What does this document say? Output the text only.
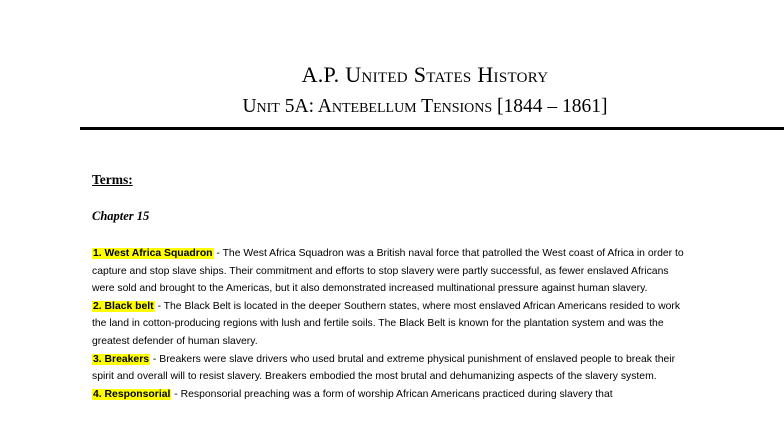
A.P. United States History
Unit 5A: Antebellum Tensions [1844 – 1861]
Terms:
Chapter 15

1. West Africa Squadron - The West Africa Squadron was a British naval force that patrolled the West coast of Africa in order to capture and stop slave ships. Their commitment and efforts to stop slavery were partly successful, as fewer enslaved Africans were sold and brought to the Americas, but it also demonstrated increased multinational pressure against human slavery.

2. Black belt - The Black Belt is located in the deeper Southern states, where most enslaved African Americans resided to work the land in cotton-producing regions with lush and fertile soils. The Black Belt is known for the plantation system and was the greatest defender of human slavery.

3. Breakers - Breakers were slave drivers who used brutal and extreme physical punishment of enslaved people to break their spirit and overall will to resist slavery. Breakers embodied the most brutal and dehumanizing aspects of the slavery system.

4. Responsorial - Responsorial preaching was a form of worship African Americans practiced during slavery that
